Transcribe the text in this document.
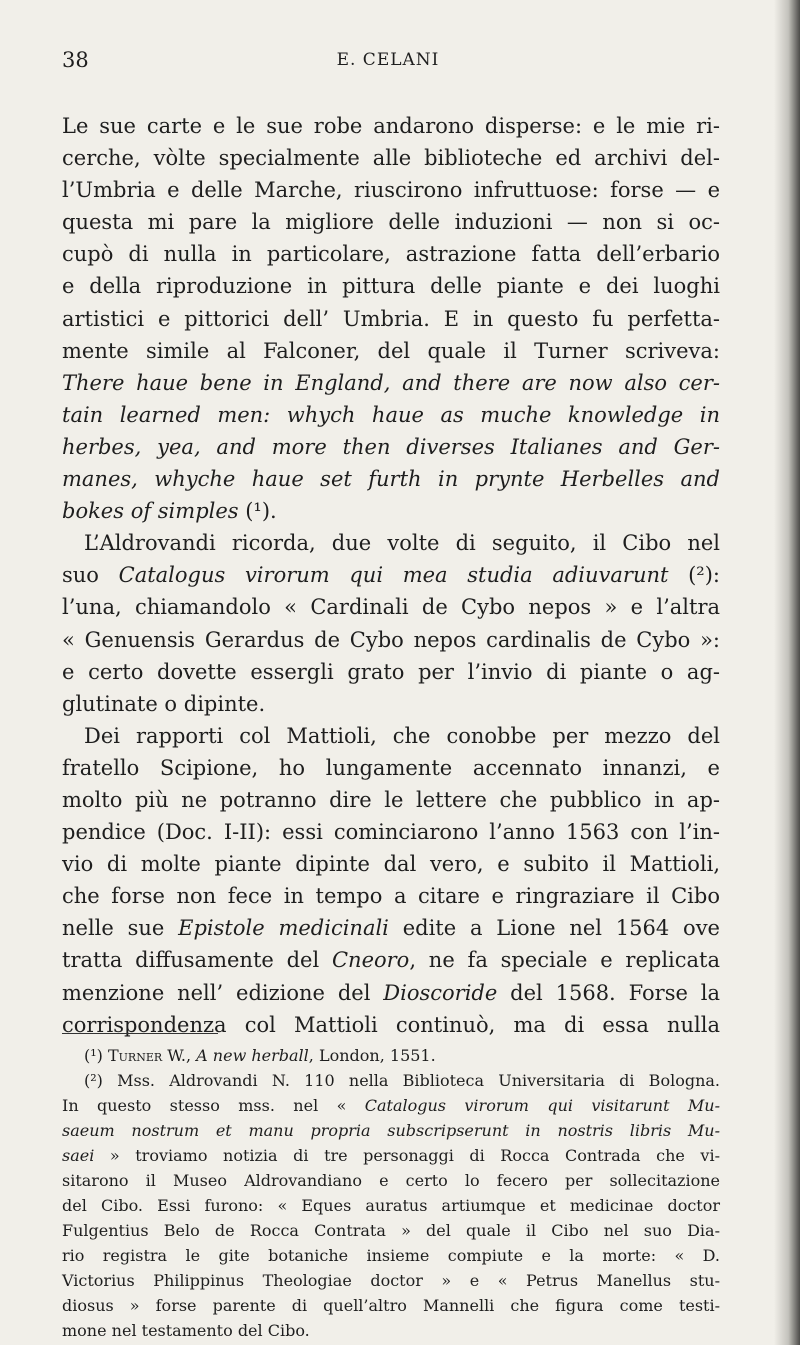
38	E. CELANI
Le sue carte e le sue robe andarono disperse: e le mie ri-
cerche, vòlte specialmente alle biblioteche ed archivi del-
l’Umbria e delle Marche, riuscirono infruttuose: forse — e
questa mi pare la migliore delle induzioni — non si oc-
cupò di nulla in particolare, astrazione fatta dell’erbario
e della riproduzione in pittura delle piante e dei luoghi
artistici e pittorici dell’ Umbria. E in questo fu perfetta-
mente simile al Falconer, del quale il Turner scriveva:
There haue bene in England, and there are now also cer-
tain learned men: whych haue as muche knowledge in
herbes, yea, and more then diverses Italianes and Ger-
manes, whyche haue set furth in prynte Herbelles and
bokes of simples (¹).
L’Aldrovandi ricorda, due volte di seguito, il Cibo nel
suo Catalogus virorum qui mea studia adiuvarunt (²):
l’una, chiamandolo « Cardinali de Cybo nepos » e l’altra
« Genuensis Gerardus de Cybo nepos cardinalis de Cybo »:
e certo dovette essergli grato per l’invio di piante o ag-
glutinate o dipinte.
Dei rapporti col Mattioli, che conobbe per mezzo del
fratello Scipione, ho lungamente accennato innanzi, e
molto più ne potranno dire le lettere che pubblico in ap-
pendice (Doc. I-II): essi cominciarono l’anno 1563 con l’in-
vio di molte piante dipinte dal vero, e subito il Mattioli,
che forse non fece in tempo a citare e ringraziare il Cibo
nelle sue Epistole medicinali edite a Lione nel 1564 ove
tratta diffusamente del Cneoro, ne fa speciale e replicata
menzione nell’ edizione del Dioscoride del 1568. Forse la
corrispondenza col Mattioli continuò, ma di essa nulla
(¹) Turner W., A new herball, London, 1551.
(²) Mss. Aldrovandi N. 110 nella Biblioteca Universitaria di Bologna.
In questo stesso mss. nel « Catalogus virorum qui visitarunt Mu-
saeum nostrum et manu propria subscripserunt in nostris libris Mu-
saei » troviamo notizia di tre personaggi di Rocca Contrada che vi-
sitarono il Museo Aldrovandiano e certo lo fecero per sollecitazione
del Cibo. Essi furono: « Eques auratus artiumque et medicinae doctor
Fulgentius Belo de Rocca Contrata » del quale il Cibo nel suo Dia-
rio registra le gite botaniche insieme compiute e la morte: « D.
Victorius Philippinus Theologiae doctor » e « Petrus Manellus stu-
diosus » forse parente di quell’altro Mannelli che figura come testi-
mone nel testamento del Cibo.
